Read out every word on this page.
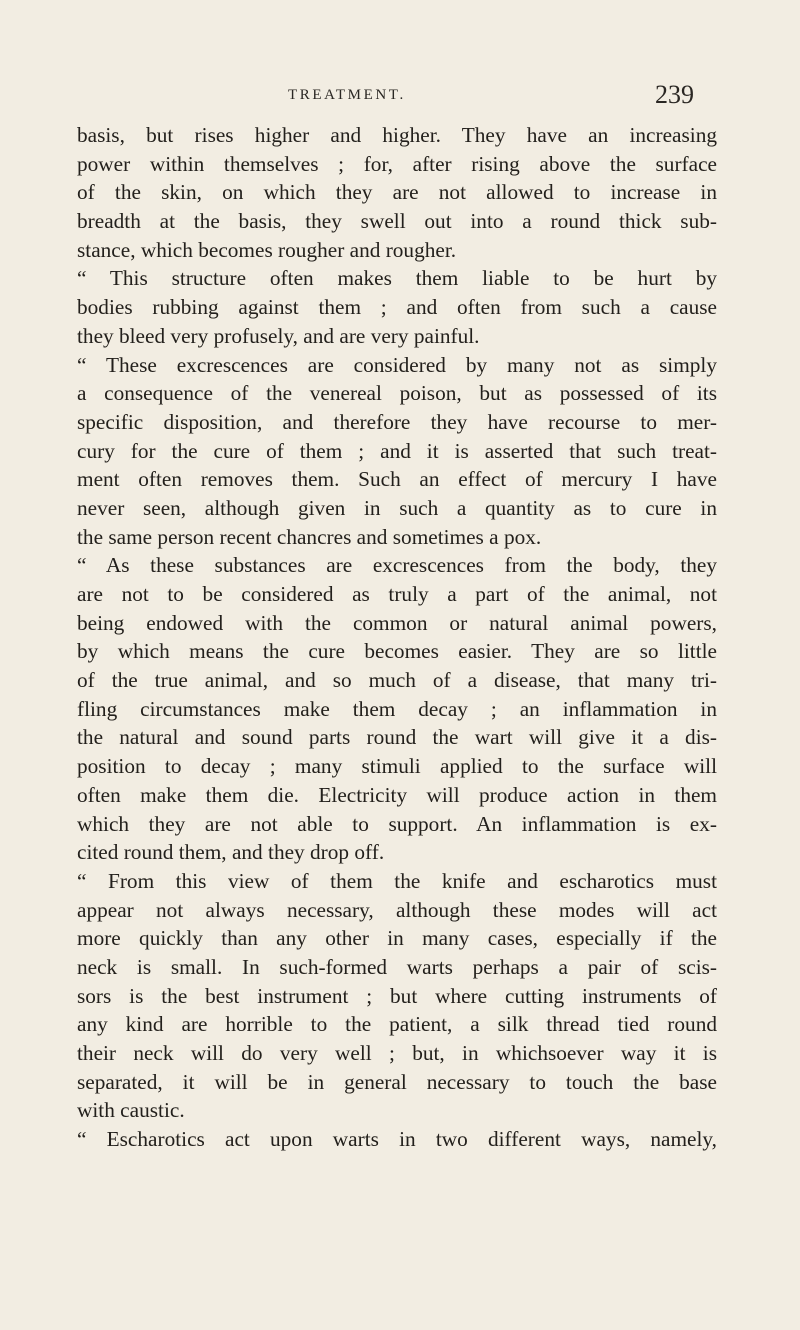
TREATMENT.	239
basis, but rises higher and higher. They have an increasing
power within themselves ; for, after rising above the surface
of the skin, on which they are not allowed to increase in
breadth at the basis, they swell out into a round thick sub-
stance, which becomes rougher and rougher.
“ This structure often makes them liable to be hurt by
bodies rubbing against them ; and often from such a cause
they bleed very profusely, and are very painful.
“ These excrescences are considered by many not as simply
a consequence of the venereal poison, but as possessed of its
specific disposition, and therefore they have recourse to mer-
cury for the cure of them ; and it is asserted that such treat-
ment often removes them. Such an effect of mercury I have
never seen, although given in such a quantity as to cure in
the same person recent chancres and sometimes a pox.
“ As these substances are excrescences from the body, they
are not to be considered as truly a part of the animal, not
being endowed with the common or natural animal powers,
by which means the cure becomes easier. They are so little
of the true animal, and so much of a disease, that many tri-
fling circumstances make them decay ; an inflammation in
the natural and sound parts round the wart will give it a dis-
position to decay ; many stimuli applied to the surface will
often make them die. Electricity will produce action in them
which they are not able to support. An inflammation is ex-
cited round them, and they drop off.
“ From this view of them the knife and escharotics must
appear not always necessary, although these modes will act
more quickly than any other in many cases, especially if the
neck is small. In such-formed warts perhaps a pair of scis-
sors is the best instrument ; but where cutting instruments of
any kind are horrible to the patient, a silk thread tied round
their neck will do very well ; but, in whichsoever way it is
separated, it will be in general necessary to touch the base
with caustic.
“ Escharotics act upon warts in two different ways, namely,
